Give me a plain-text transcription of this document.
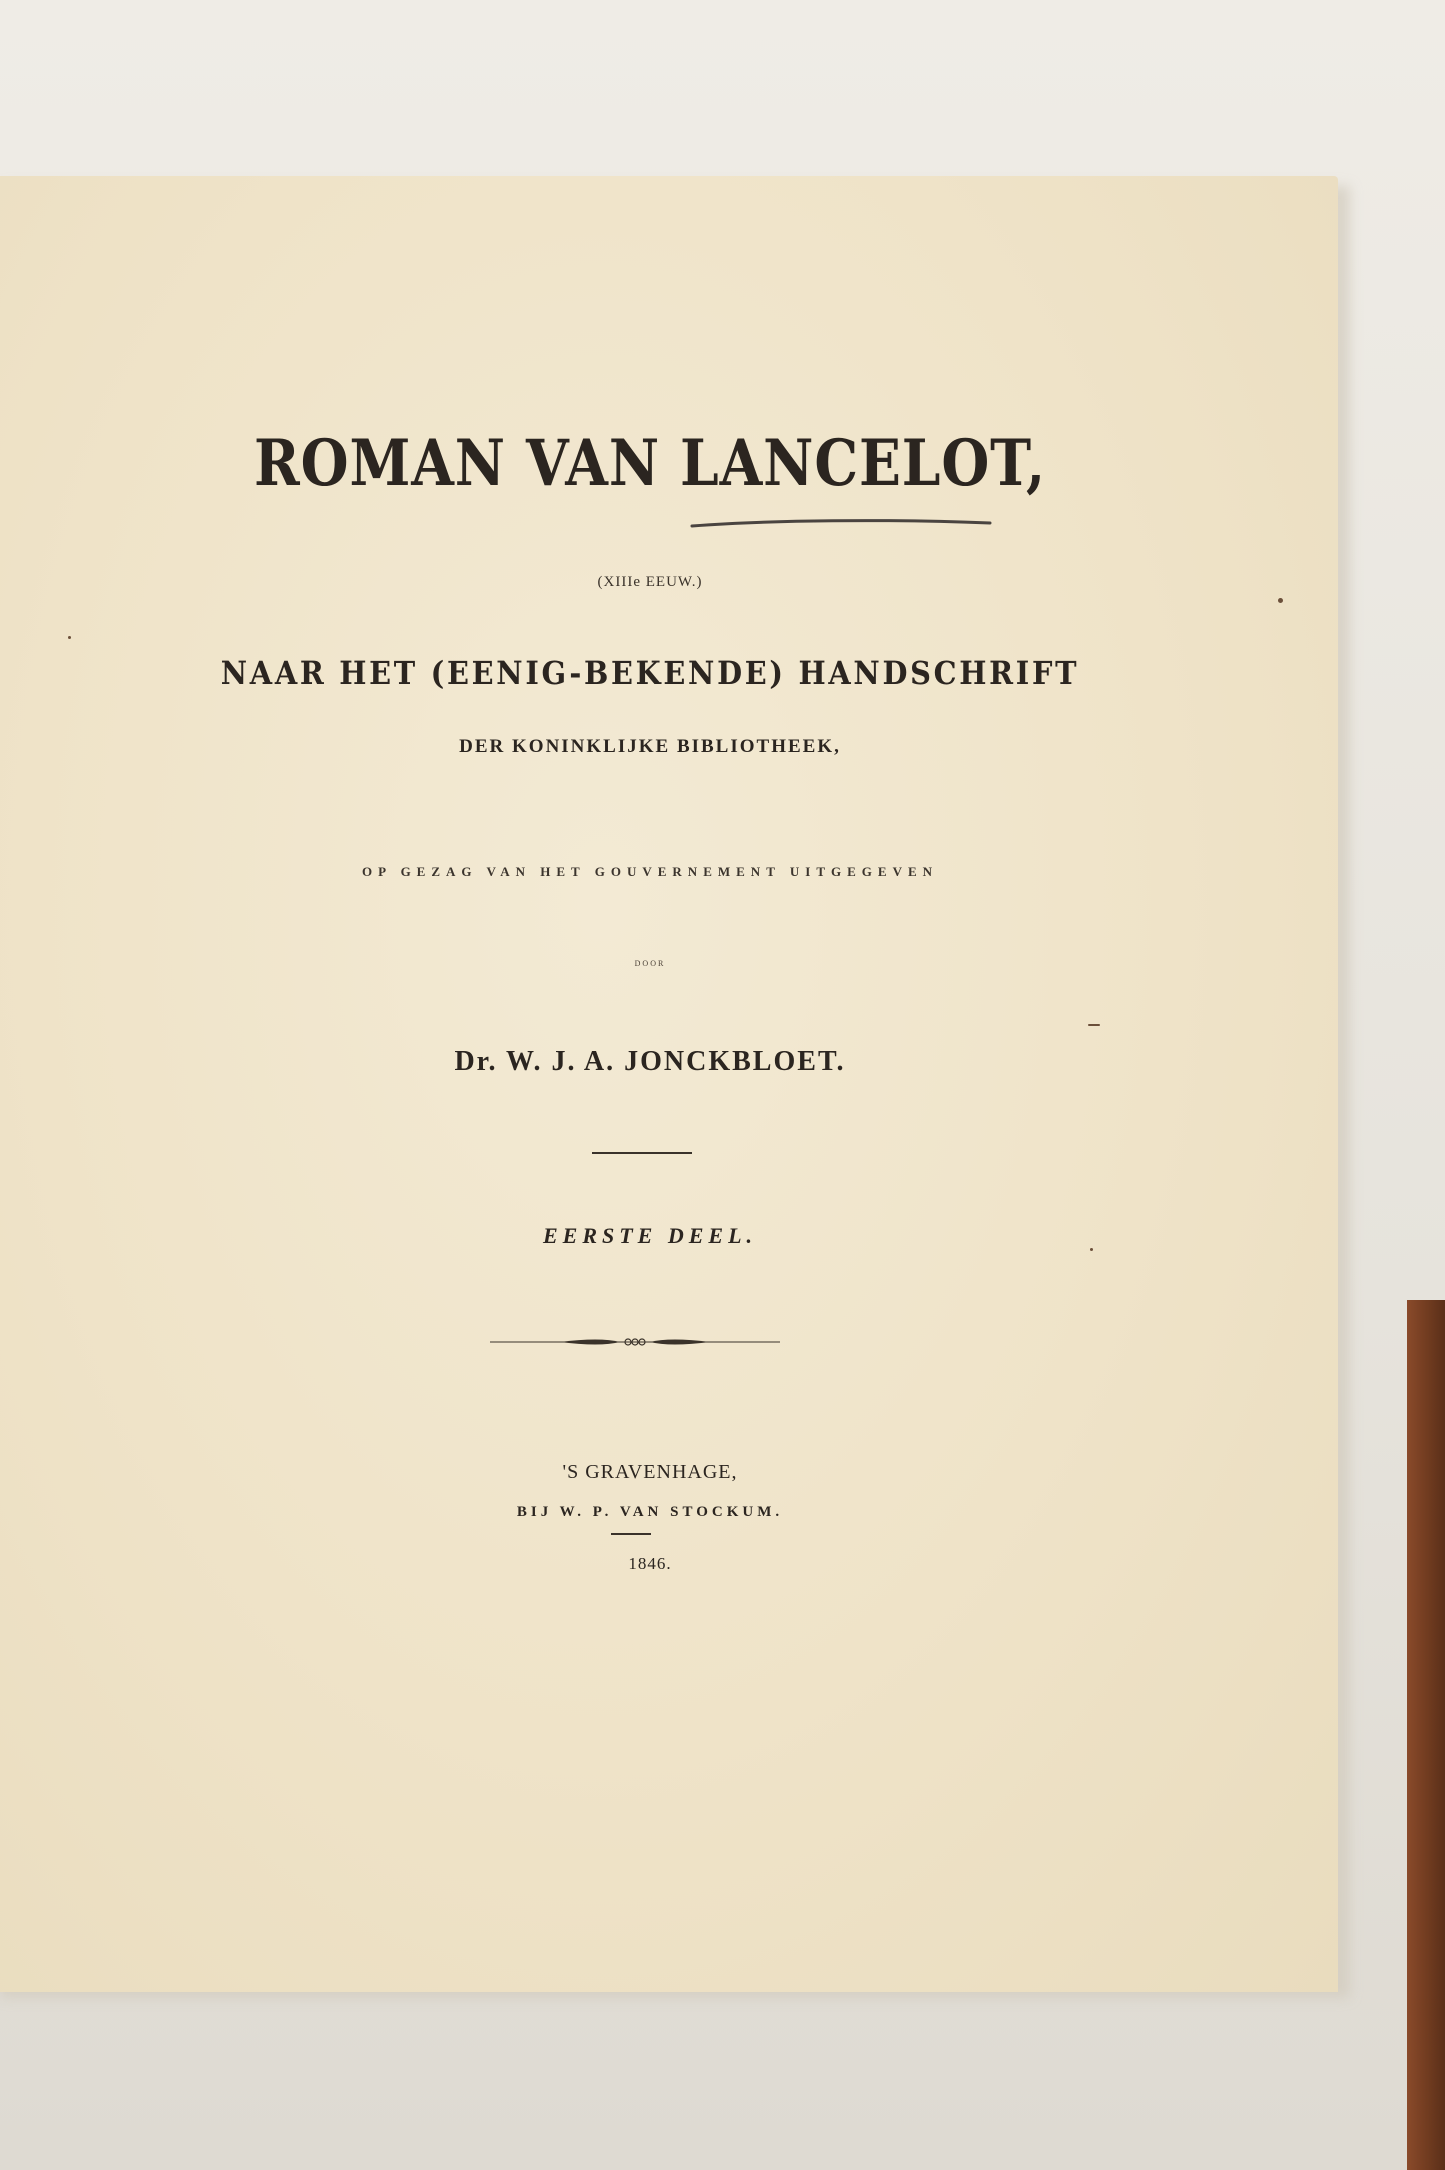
ROMAN VAN LANCELOT,
(XIIIe EEUW.)
NAAR HET (EENIG-BEKENDE) HANDSCHRIFT
DER KONINKLIJKE BIBLIOTHEEK,
OP GEZAG VAN HET GOUVERNEMENT UITGEGEVEN
DOOR
Dr. W. J. A. JONCKBLOET.
EERSTE DEEL.
'S GRAVENHAGE,
BIJ W. P. VAN STOCKUM.
1846.
